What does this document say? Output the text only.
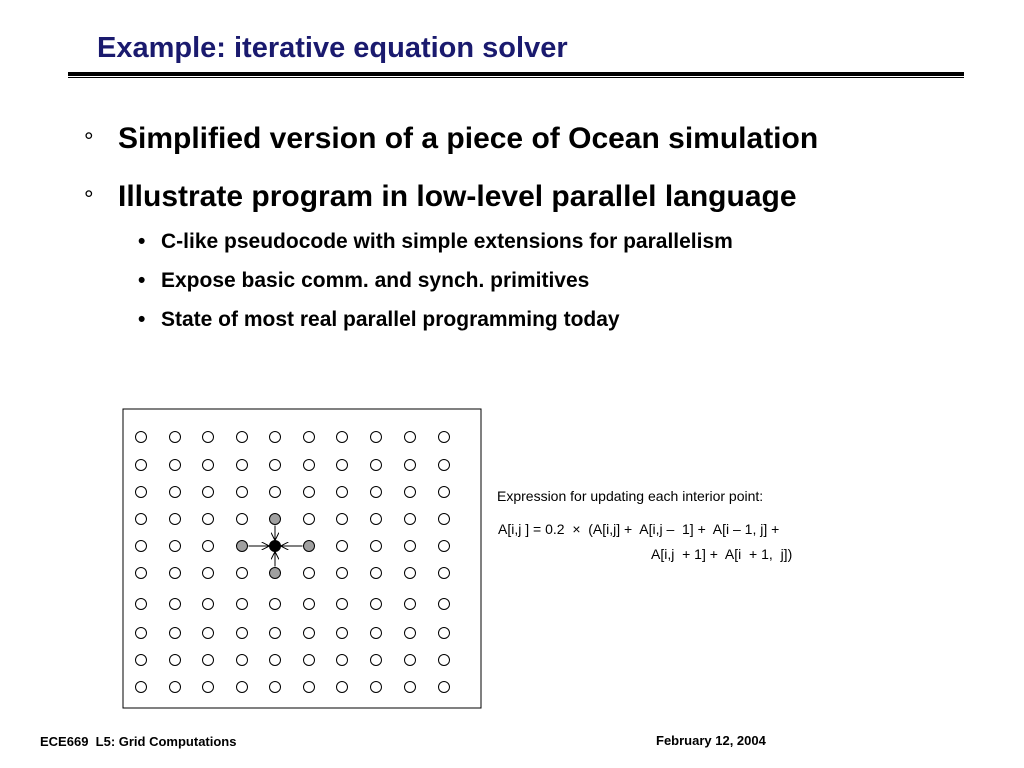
Example: iterative equation solver
° Simplified version of a piece of Ocean simulation
° Illustrate program in low-level parallel language
• C-like pseudocode with simple extensions for parallelism
• Expose basic comm. and synch. primitives
• State of most real parallel programming today
Expression for updating each interior point:
A[i,j ] = 0.2  ×  (A[i,j] +  A[i,j –  1] +  A[i – 1, j] +
A[i,j  + 1] +  A[i  + 1,  j])
ECE669  L5: Grid Computations	February 12, 2004
